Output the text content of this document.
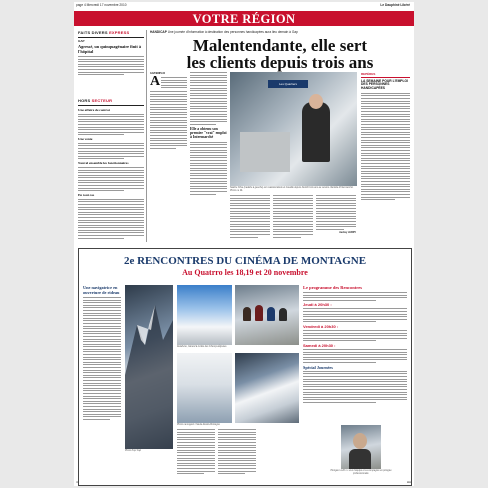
page 4 Mercredi 17 novembre 2010	Le Dauphiné Libéré
VOTRE RÉGION
FAITS DIVERS EXPRESS
GAP
Agressé, un quinquagénaire finit à l'hôpital
HORS SECTEUR
Une affaire de contrat
Une vente
Nouvel ensemble les fonctionnaires
En tout cas
HANDICAP Une journée d'information à destination des personnes handicapées aura lieu demain à Gap
Malentendante, elle sert
les clients depuis trois ans
GAP/EMPLOI
A
Elle a obtenu son premier "vrai" emploi à Intermarché
Les Quartiers
Nadine Olive (nadette à gauche) est malentendante et travaille depuis bientôt trois ans au service clientèle d'Intermarché. Photo Le DL
Audrey JARRY
REPÈRES
LA SEMAINE POUR L'EMPLOI DES PERSONNES HANDICAPÉES
2e RENCONTRES DU CINÉMA DE MONTAGNE
Au Quatrro les 18,19 et 20 novembre
Une navigatrice en ouverture de rideau
Photo Kopi Cap
Delahune, Gérard à la tête des Champs-Élysées.
Photo Lamogaris / Saule-Desté-Montagne
Le programme des Rencontres
Jeudi à 20h30 :
Vendredi à 20h30 :
Samedi à 20h30 :
Spécial Journées
Plongeur à 20 m. sous l'équipe et sa compagnie en plongée professionnelle.
4	HA
